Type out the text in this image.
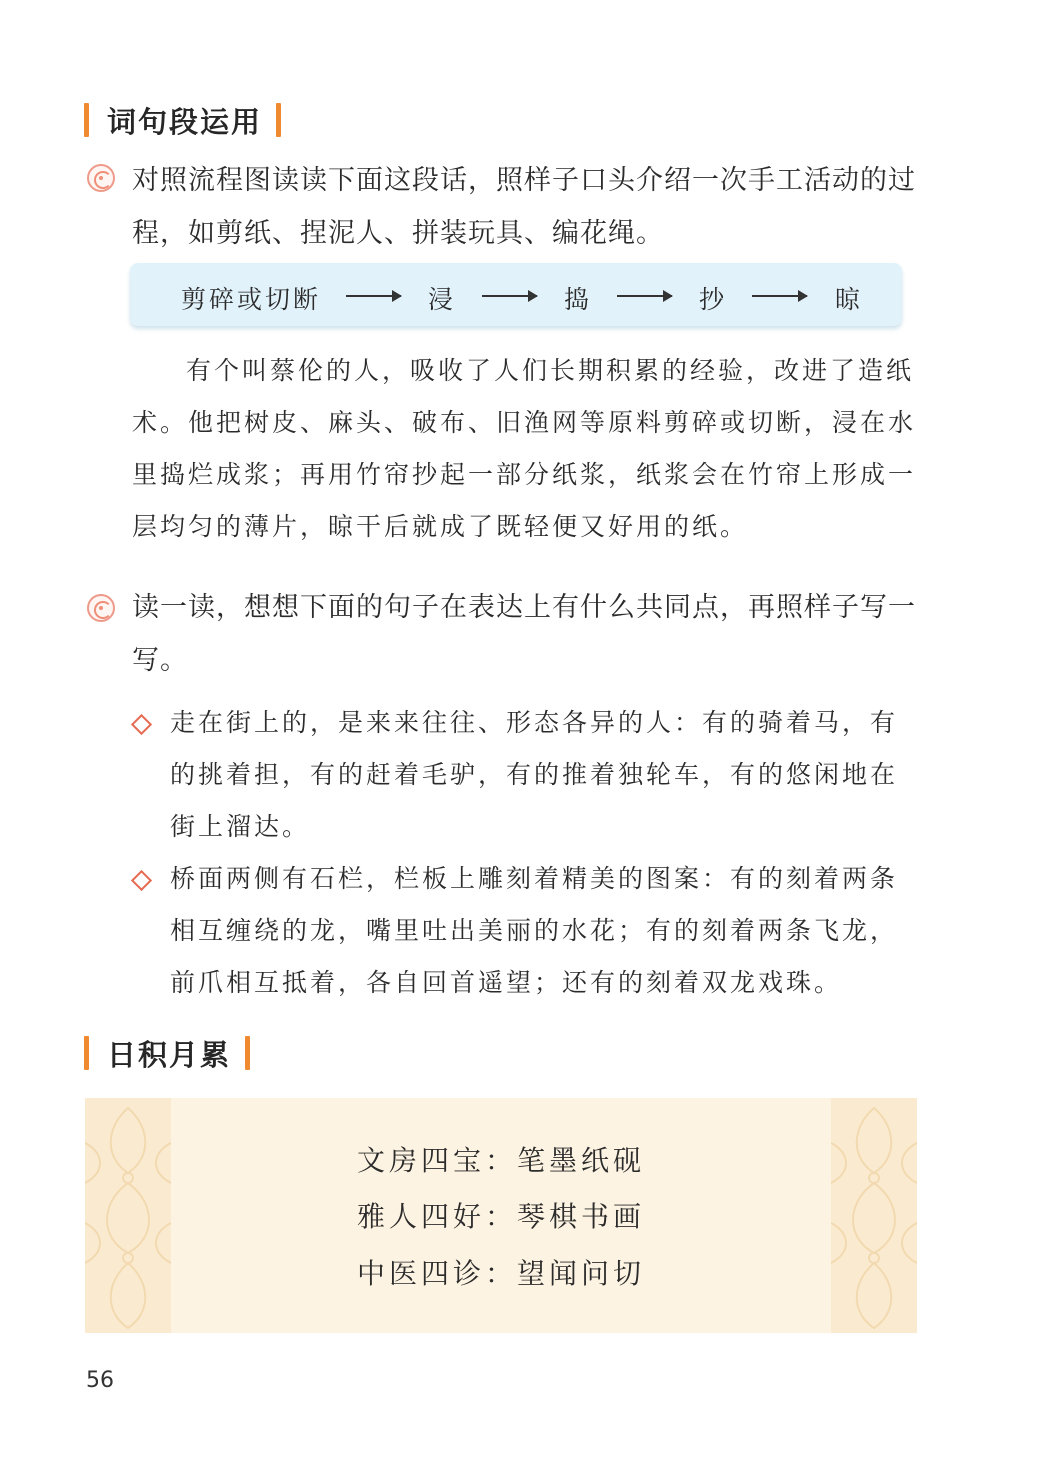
词句段运用

对照流程图读读下面这段话，照样子口头介绍一次手工活动的过程，如剪纸、捏泥人、拼装玩具、编花绳。

剪碎或切断	浸	捣	抄	晾

有个叫蔡伦的人，吸收了人们长期积累的经验，改进了造纸术。他把树皮、麻头、破布、旧渔网等原料剪碎或切断，浸在水里捣烂成浆；再用竹帘抄起一部分纸浆，纸浆会在竹帘上形成一层均匀的薄片，晾干后就成了既轻便又好用的纸。

读一读，想想下面的句子在表达上有什么共同点，再照样子写一写。

走在街上的，是来来往往、形态各异的人：有的骑着马，有的挑着担，有的赶着毛驴，有的推着独轮车，有的悠闲地在街上溜达。

桥面两侧有石栏，栏板上雕刻着精美的图案：有的刻着两条相互缠绕的龙，嘴里吐出美丽的水花；有的刻着两条飞龙，前爪相互抵着，各自回首遥望；还有的刻着双龙戏珠。

日积月累
文房四宝：笔墨纸砚
雅人四好：琴棋书画
中医四诊：望闻问切
56
